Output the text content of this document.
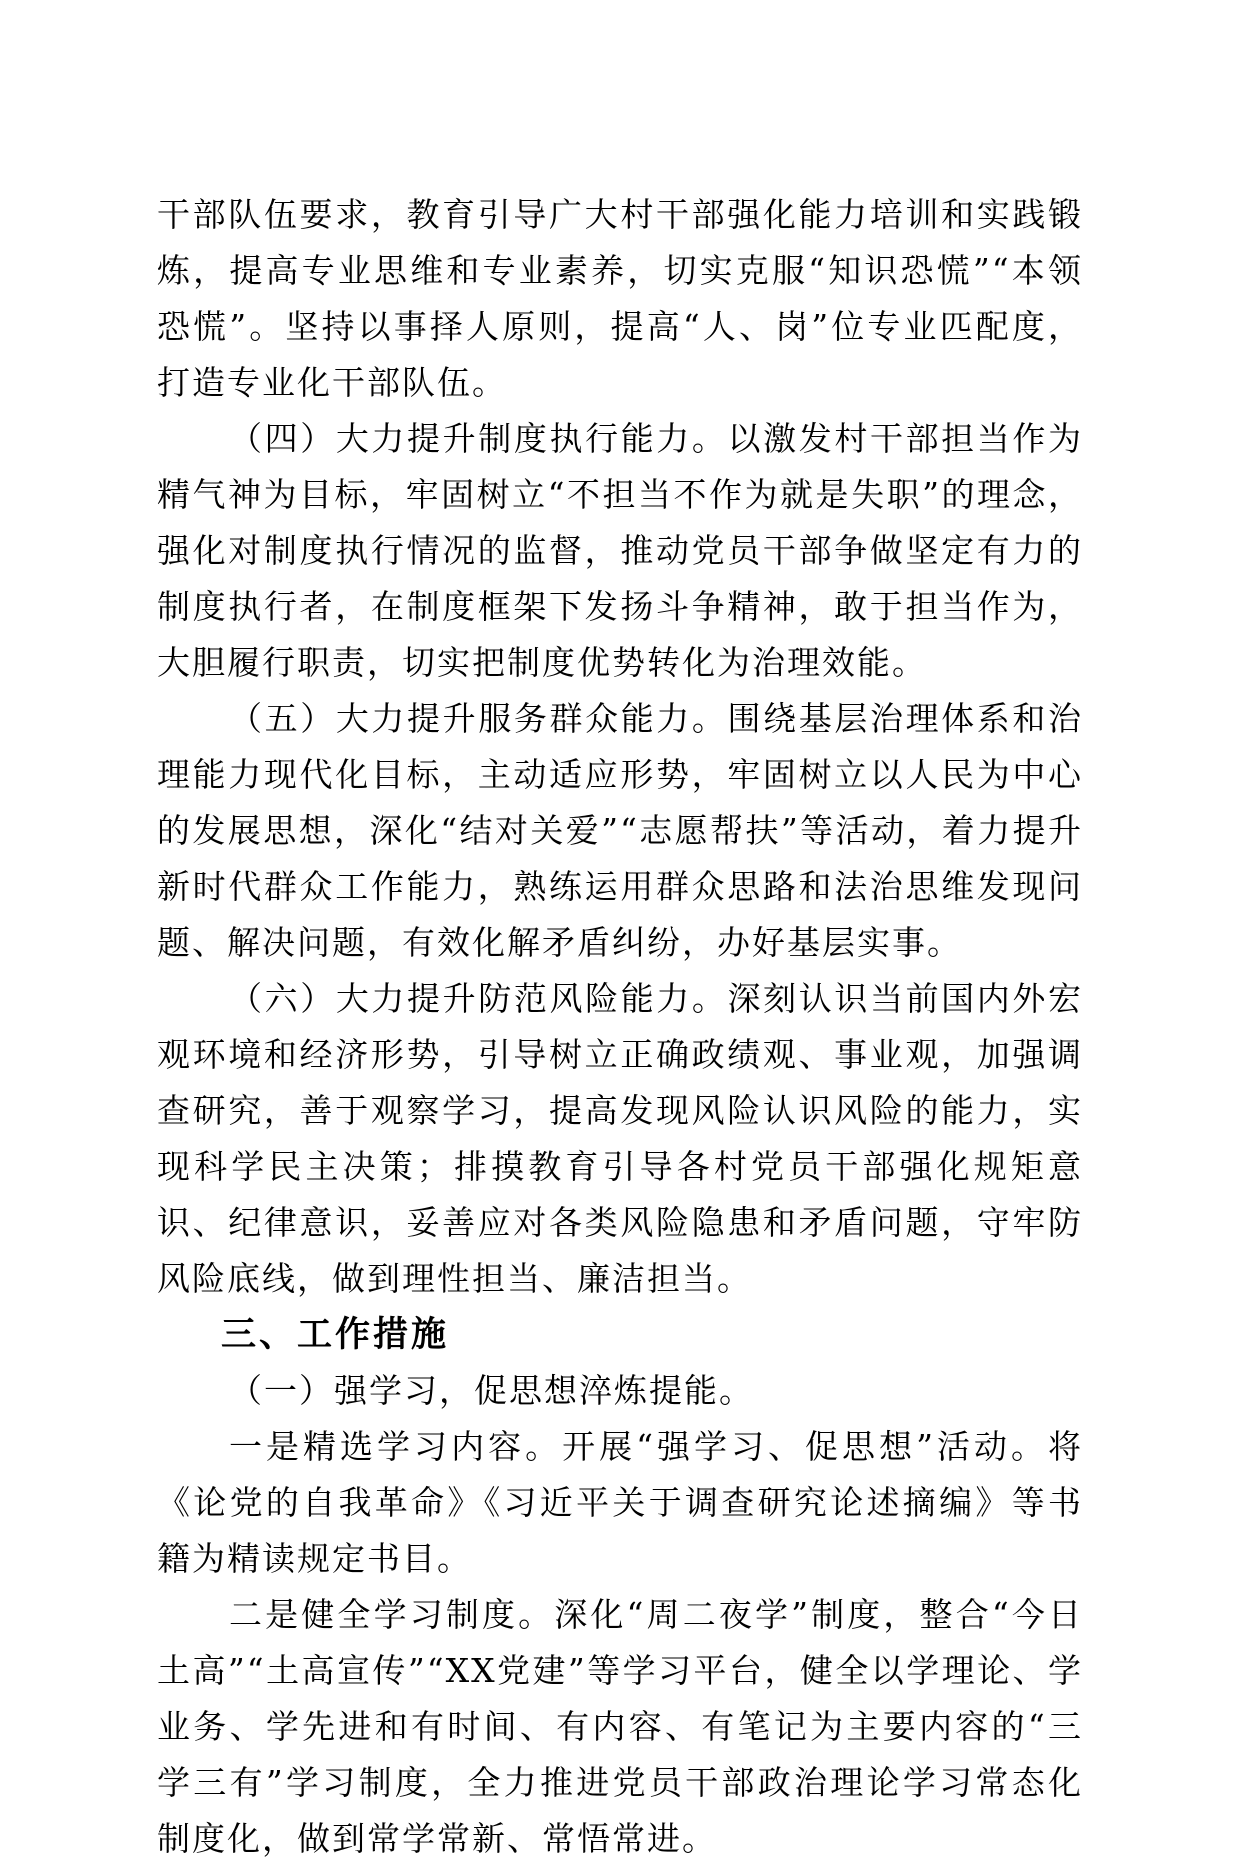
干部队伍要求，教育引导广大村干部强化能力培训和实践锻炼，提高专业思维和专业素养，切实克服“知识恐慌”“本领恐慌”。坚持以事择人原则，提高“人、岗”位专业匹配度，打造专业化干部队伍。

（四）大力提升制度执行能力。以激发村干部担当作为精气神为目标，牢固树立“不担当不作为就是失职”的理念，强化对制度执行情况的监督，推动党员干部争做坚定有力的制度执行者，在制度框架下发扬斗争精神，敢于担当作为，大胆履行职责，切实把制度优势转化为治理效能。

（五）大力提升服务群众能力。围绕基层治理体系和治理能力现代化目标，主动适应形势，牢固树立以人民为中心的发展思想，深化“结对关爱”“志愿帮扶”等活动，着力提升新时代群众工作能力，熟练运用群众思路和法治思维发现问题、解决问题，有效化解矛盾纠纷，办好基层实事。

（六）大力提升防范风险能力。深刻认识当前国内外宏观环境和经济形势，引导树立正确政绩观、事业观，加强调查研究，善于观察学习，提高发现风险认识风险的能力，实现科学民主决策；排摸教育引导各村党员干部强化规矩意识、纪律意识，妥善应对各类风险隐患和矛盾问题，守牢防风险底线，做到理性担当、廉洁担当。

三、工作措施

（一）强学习，促思想淬炼提能。

一是精选学习内容。开展“强学习、促思想”活动。将《论党的自我革命》《习近平关于调查研究论述摘编》等书籍为精读规定书目。

二是健全学习制度。深化“周二夜学”制度，整合“今日土高”“土高宣传”“XX党建”等学习平台，健全以学理论、学业务、学先进和有时间、有内容、有笔记为主要内容的“三学三有”学习制度，全力推进党员干部政治理论学习常态化制度化，做到常学常新、常悟常进。
